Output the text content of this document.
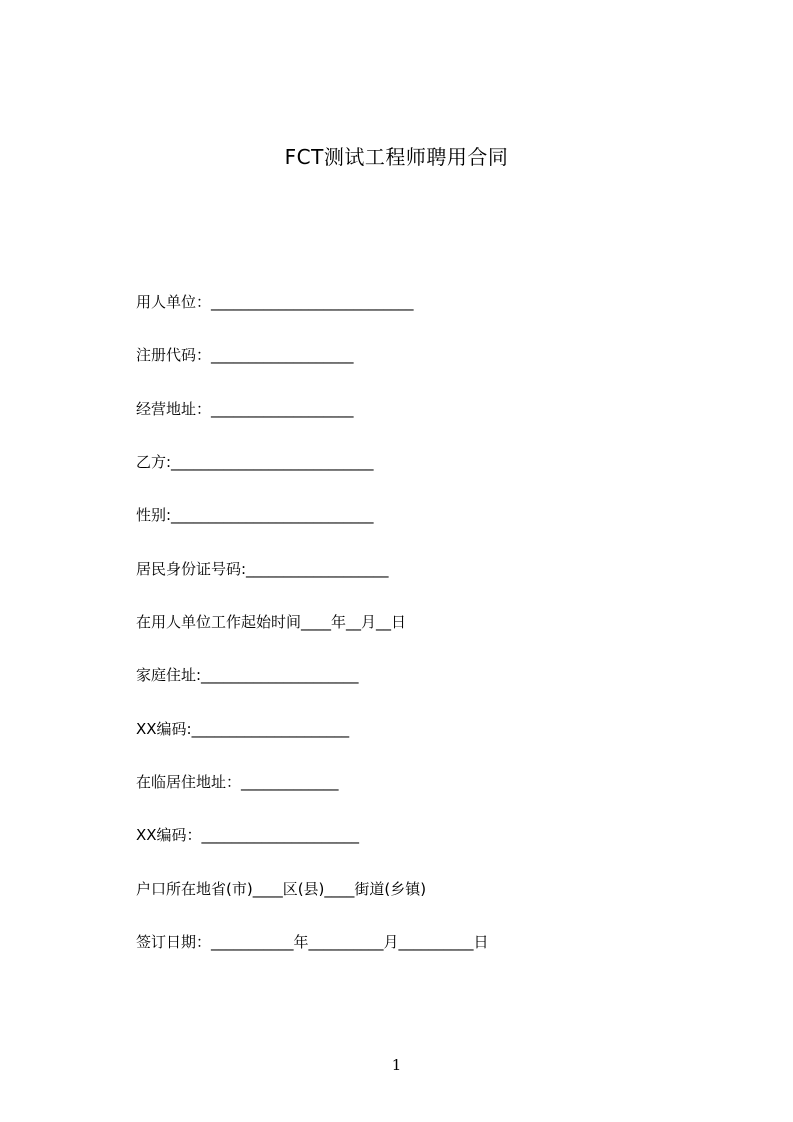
FCT测试工程师聘用合同
用人单位：___________________________
注册代码：___________________
经营地址：___________________
乙方:___________________________
性别:___________________________
居民身份证号码:___________________
在用人单位工作起始时间____年__月__日
家庭住址:_____________________
XX编码:_____________________
在临居住地址：_____________
XX编码：_____________________
户口所在地省(市)____区(县)____街道(乡镇)
签订日期：___________年__________月__________日
1
